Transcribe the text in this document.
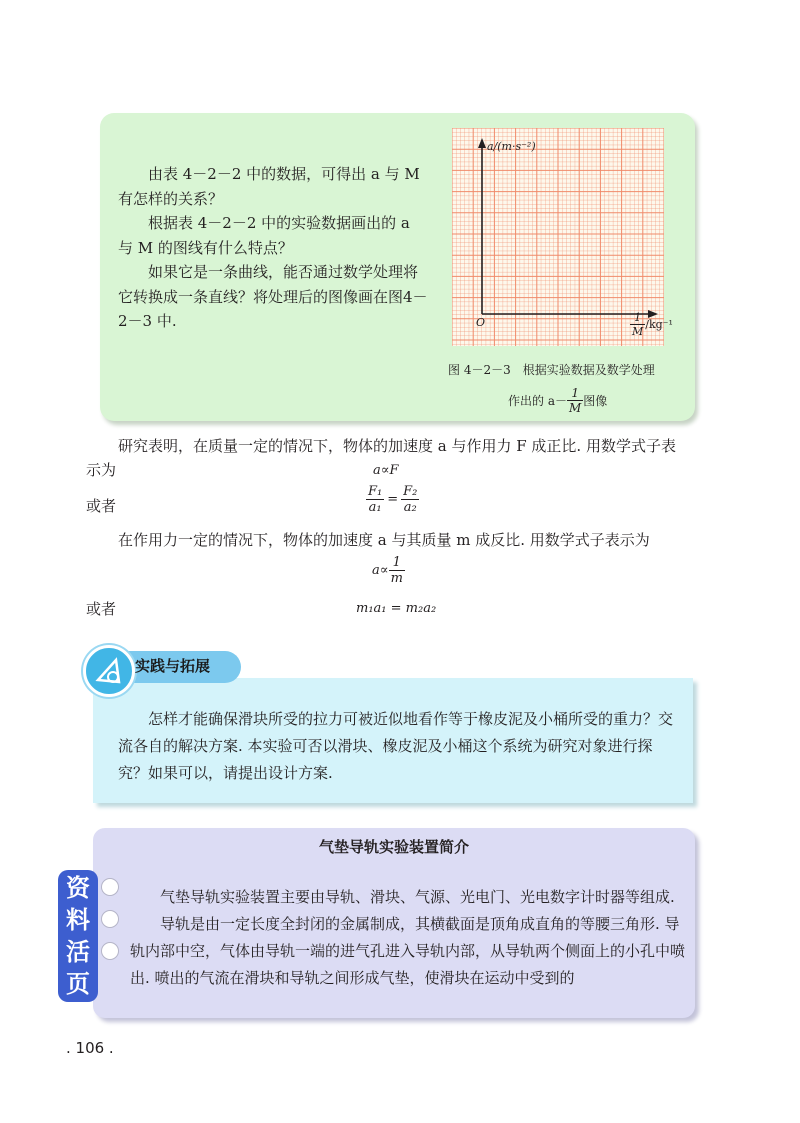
由表 4－2－2 中的数据，可得出 a 与 M 有怎样的关系？

根据表 4－2－2 中的实验数据画出的 a 与 M 的图线有什么特点？

如果它是一条曲线，能否通过数学处理将它转换成一条直线？将处理后的图像画在图4－2－3 中.

a/(m·s⁻²)
O	$\frac{1}{M} /kg^{-1}$
图 4－2－3　根据实验数据及数学处理
作出的 $a- \frac{1}{M}$ 图像
研究表明，在质量一定的情况下，物体的加速度 a 与作用力 F 成正比. 用数学式子表
示为	a∝F
或者	$\frac{\text{F₁}}{\text{a₁}} = \frac{\text{F₂}}{\text{a₂}}$
在作用力一定的情况下，物体的加速度 a 与其质量 m 成反比. 用数学式子表示为
$a\propto \frac{1}{m}$
或者	m₁a₁ = m₂a₂
实践与拓展

怎样才能确保滑块所受的拉力可被近似地看作等于橡皮泥及小桶所受的重力？交流各自的解决方案. 本实验可否以滑块、橡皮泥及小桶这个系统为研究对象进行探究？如果可以，请提出设计方案.

气垫导轨实验装置简介
资
料
活
页

气垫导轨实验装置主要由导轨、滑块、气源、光电门、光电数字计时器等组成.

导轨是由一定长度全封闭的金属制成，其横截面是顶角成直角的等腰三角形. 导轨内部中空，气体由导轨一端的进气孔进入导轨内部，从导轨两个侧面上的小孔中喷出. 喷出的气流在滑块和导轨之间形成气垫，使滑块在运动中受到的

. 106 .
